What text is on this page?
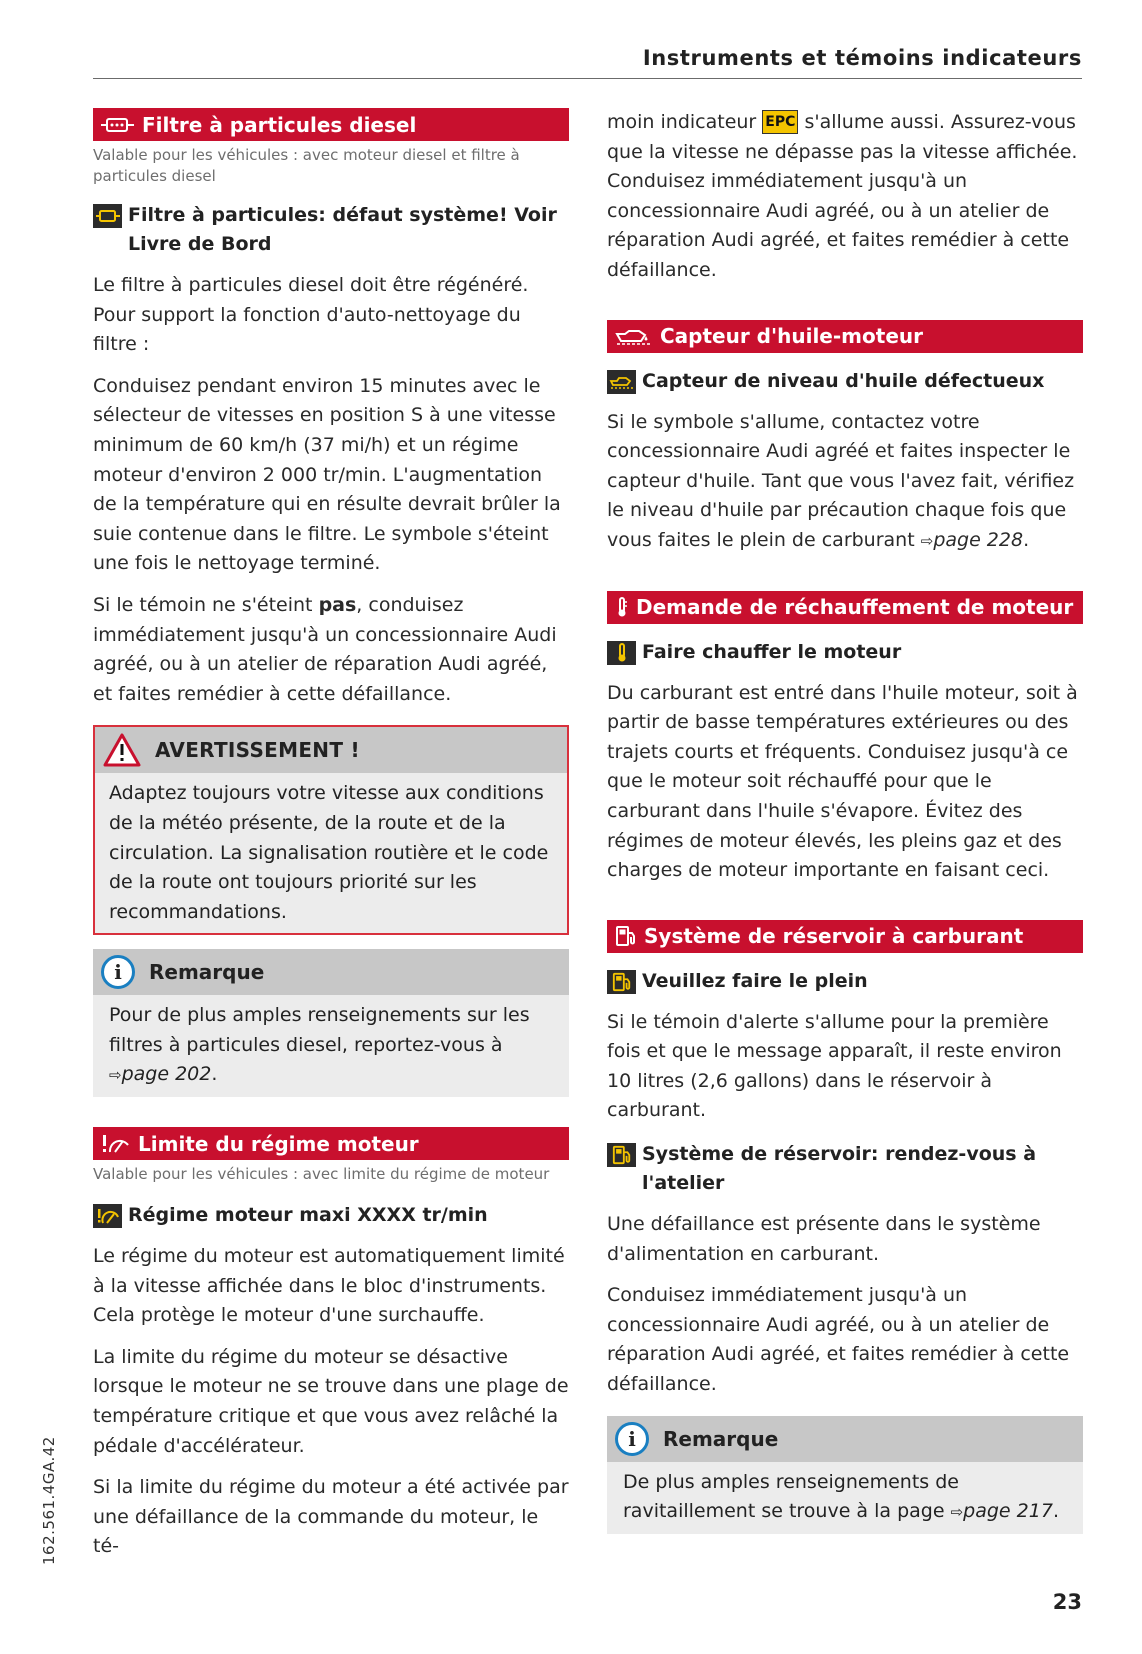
Instruments et témoins indicateurs
Filtre à particules diesel
Valable pour les véhicules : avec moteur diesel et filtre à particules diesel
Filtre à particules: défaut système! Voir Livre de Bord
Le filtre à particules diesel doit être régénéré. Pour support la fonction d'auto-nettoyage du filtre :
Conduisez pendant environ 15 minutes avec le sélecteur de vitesses en position S à une vitesse minimum de 60 km/h (37 mi/h) et un régime moteur d'environ 2 000 tr/min. L'augmentation de la température qui en résulte devrait brûler la suie contenue dans le filtre. Le symbole s'éteint une fois le nettoyage terminé.
Si le témoin ne s'éteint pas, conduisez immédiatement jusqu'à un concessionnaire Audi agréé, ou à un atelier de réparation Audi agréé, et faites remédier à cette défaillance.
AVERTISSEMENT !
Adaptez toujours votre vitesse aux conditions de la météo présente, de la route et de la circulation. La signalisation routière et le code de la route ont toujours priorité sur les recommandations.
i	Remarque
Pour de plus amples renseignements sur les filtres à particules diesel, reportez-vous à
⇨page 202.
Limite du régime moteur
Valable pour les véhicules : avec limite du régime de moteur
Régime moteur maxi XXXX tr/min
Le régime du moteur est automatiquement limité à la vitesse affichée dans le bloc d'instruments. Cela protège le moteur d'une surchauffe.
La limite du régime du moteur se désactive lorsque le moteur ne se trouve dans une plage de température critique et que vous avez relâché la pédale d'accélérateur.
Si la limite du régime du moteur a été activée par une défaillance de la commande du moteur, le té-
moin indicateur EPC s'allume aussi. Assurez-vous que la vitesse ne dépasse pas la vitesse affichée. Conduisez immédiatement jusqu'à un concessionnaire Audi agréé, ou à un atelier de réparation Audi agréé, et faites remédier à cette défaillance.
Capteur d'huile-moteur
Capteur de niveau d'huile défectueux
Si le symbole s'allume, contactez votre concessionnaire Audi agréé et faites inspecter le capteur d'huile. Tant que vous l'avez fait, vérifiez le niveau d'huile par précaution chaque fois que vous faites le plein de carburant ⇨page 228.
Demande de réchauffement de moteur
Faire chauffer le moteur
Du carburant est entré dans l'huile moteur, soit à partir de basse températures extérieures ou des trajets courts et fréquents. Conduisez jusqu'à ce que le moteur soit réchauffé pour que le carburant dans l'huile s'évapore. Évitez des régimes de moteur élevés, les pleins gaz et des charges de moteur importante en faisant ceci.
Système de réservoir à carburant
Veuillez faire le plein
Si le témoin d'alerte s'allume pour la première fois et que le message apparaît, il reste environ 10 litres (2,6 gallons) dans le réservoir à carburant.
Système de réservoir: rendez-vous à l'atelier
Une défaillance est présente dans le système d'alimentation en carburant.
Conduisez immédiatement jusqu'à un concessionnaire Audi agréé, ou à un atelier de réparation Audi agréé, et faites remédier à cette défaillance.
i	Remarque
De plus amples renseignements de ravitaillement se trouve à la page ⇨page 217.
162.561.4GA.42
23
